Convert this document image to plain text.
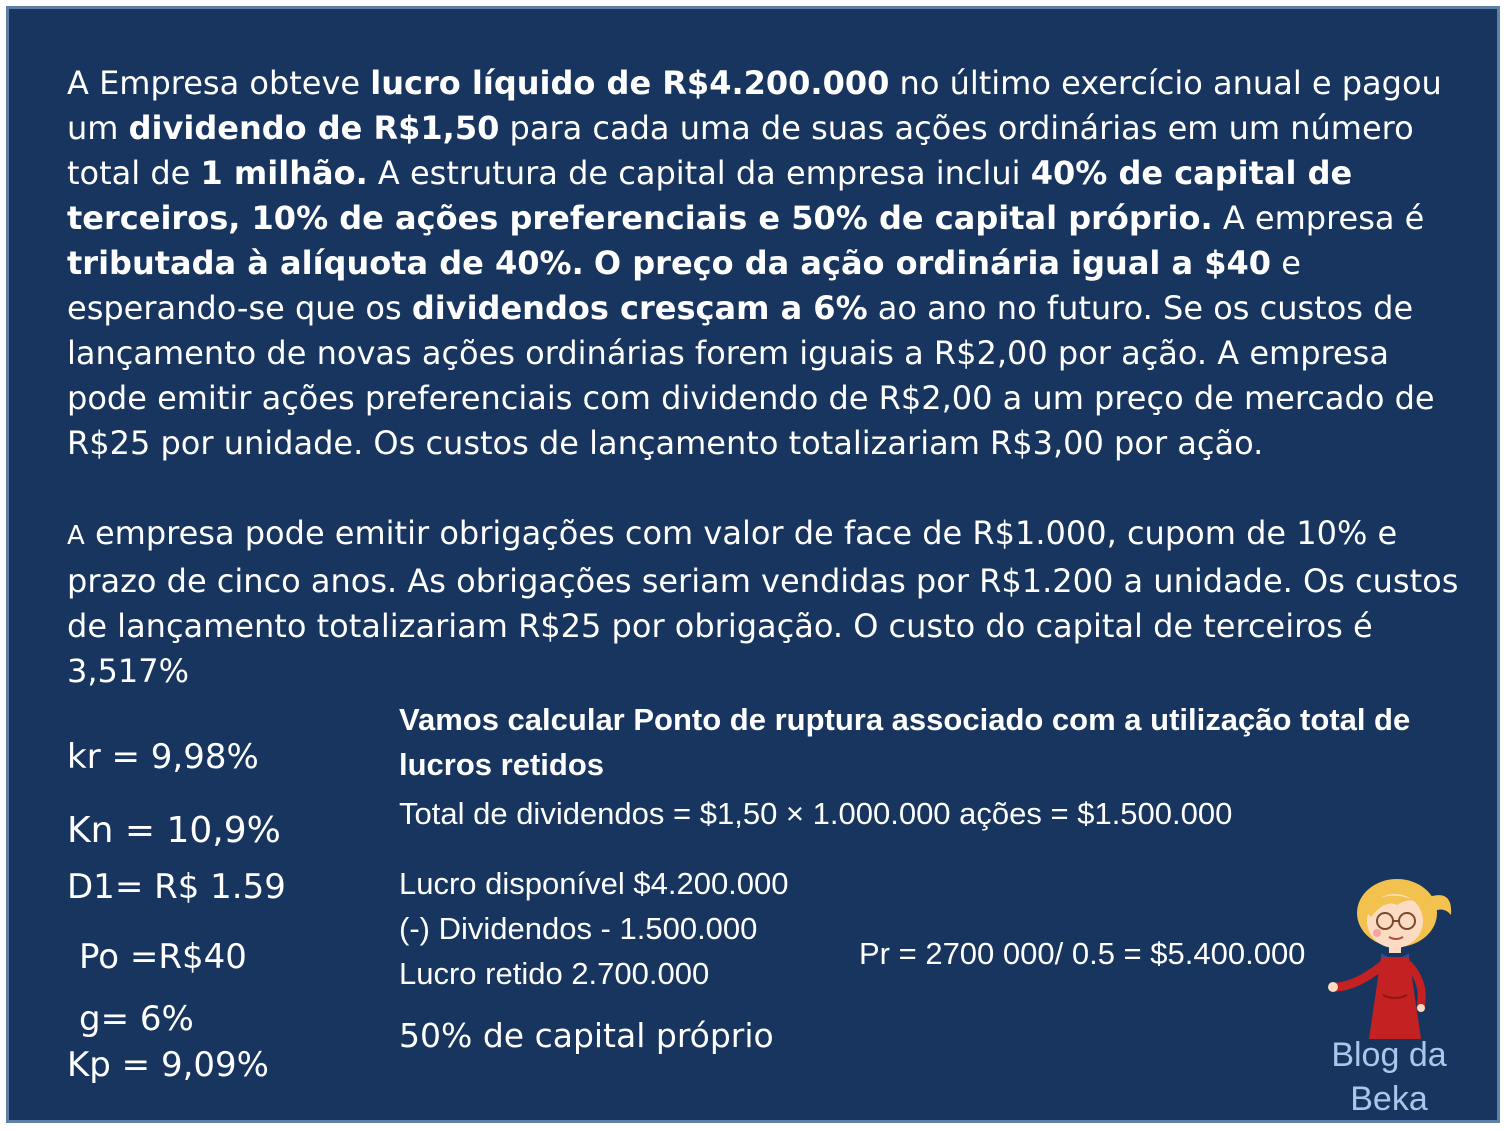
A Empresa obteve lucro líquido de R$4.200.000 no último exercício anual e pagou um dividendo de R$1,50 para cada uma de suas ações ordinárias em um número total de 1 milhão. A estrutura de capital da empresa inclui 40% de capital de terceiros, 10% de ações preferenciais e 50% de capital próprio. A empresa é tributada à alíquota de 40%. O preço da ação ordinária igual a $40 e esperando-se que os dividendos cresçam a 6% ao ano no futuro. Se os custos de lançamento de novas ações ordinárias forem iguais a R$2,00 por ação. A empresa pode emitir ações preferenciais com dividendo de R$2,00 a um preço de mercado de R$25 por unidade. Os custos de lançamento totalizariam R$3,00 por ação.

A empresa pode emitir obrigações com valor de face de R$1.000, cupom de 10% e prazo de cinco anos. As obrigações seriam vendidas por R$1.200 a unidade. Os custos de lançamento totalizariam R$25 por obrigação. O custo do capital de terceiros é 3,517%

kr = 9,98%
Kn = 10,9%
D1= R$ 1.59
Po =R$40
g= 6%
Kp = 9,09%
Vamos calcular Ponto de ruptura associado com a utilização total de lucros retidos
Total de dividendos = $1,50 × 1.000.000 ações = $1.500.000
Lucro disponível $4.200.000
(-) Dividendos - 1.500.000
Lucro retido 2.700.000
50% de capital próprio
Pr = 2700 000/ 0.5 = $5.400.000
Blog da
Beka
